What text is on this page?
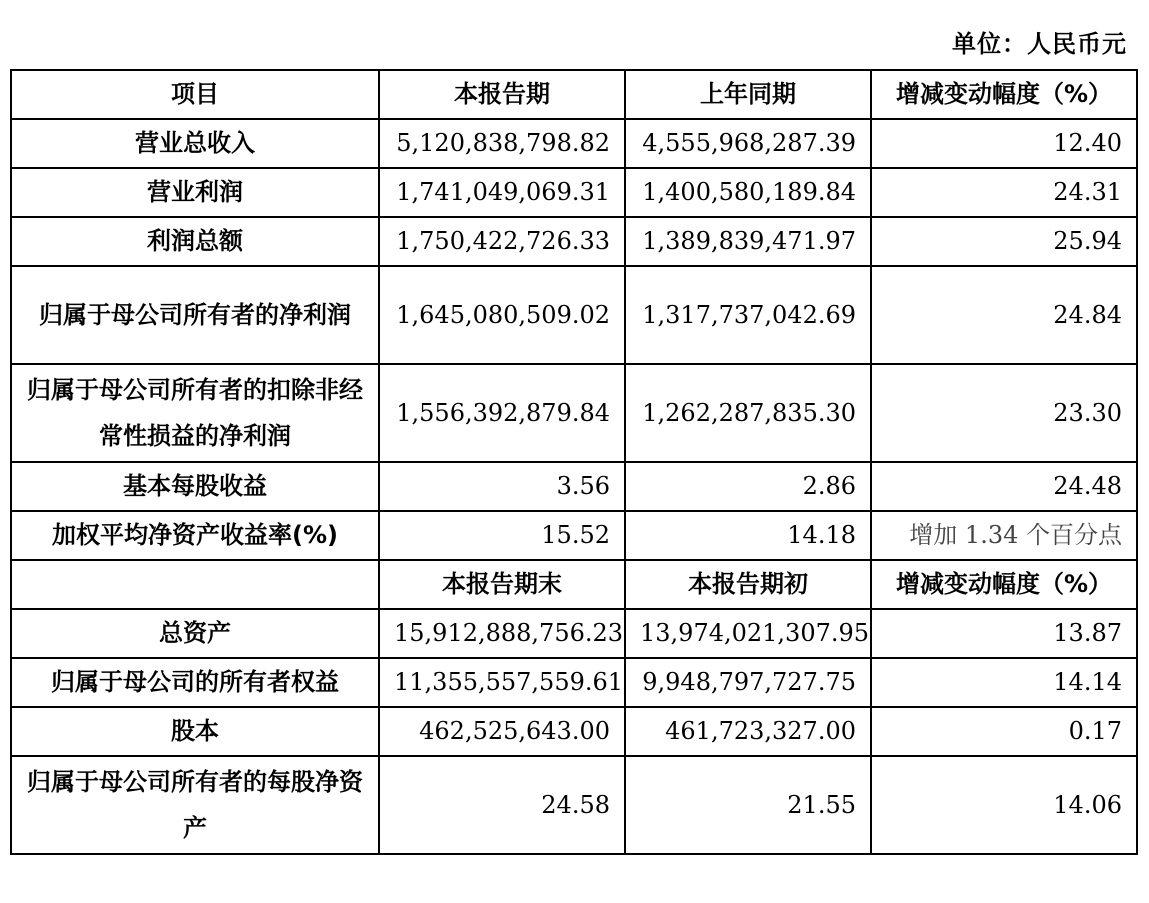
单位：人民币元
项目	本报告期	上年同期	增减变动幅度（%）
营业总收入	5,120,838,798.82	4,555,968,287.39	12.40
营业利润	1,741,049,069.31	1,400,580,189.84	24.31
利润总额	1,750,422,726.33	1,389,839,471.97	25.94
归属于母公司所有者的净利润	1,645,080,509.02	1,317,737,042.69	24.84
归属于母公司所有者的扣除非经常性损益的净利润	1,556,392,879.84	1,262,287,835.30	23.30
基本每股收益	3.56	2.86	24.48
加权平均净资产收益率(%)	15.52	14.18	增加 1.34 个百分点
	本报告期末	本报告期初	增减变动幅度（%）
总资产	15,912,888,756.23	13,974,021,307.95	13.87
归属于母公司的所有者权益	11,355,557,559.61	9,948,797,727.75	14.14
股本	462,525,643.00	461,723,327.00	0.17
归属于母公司所有者的每股净资产	24.58	21.55	14.06
